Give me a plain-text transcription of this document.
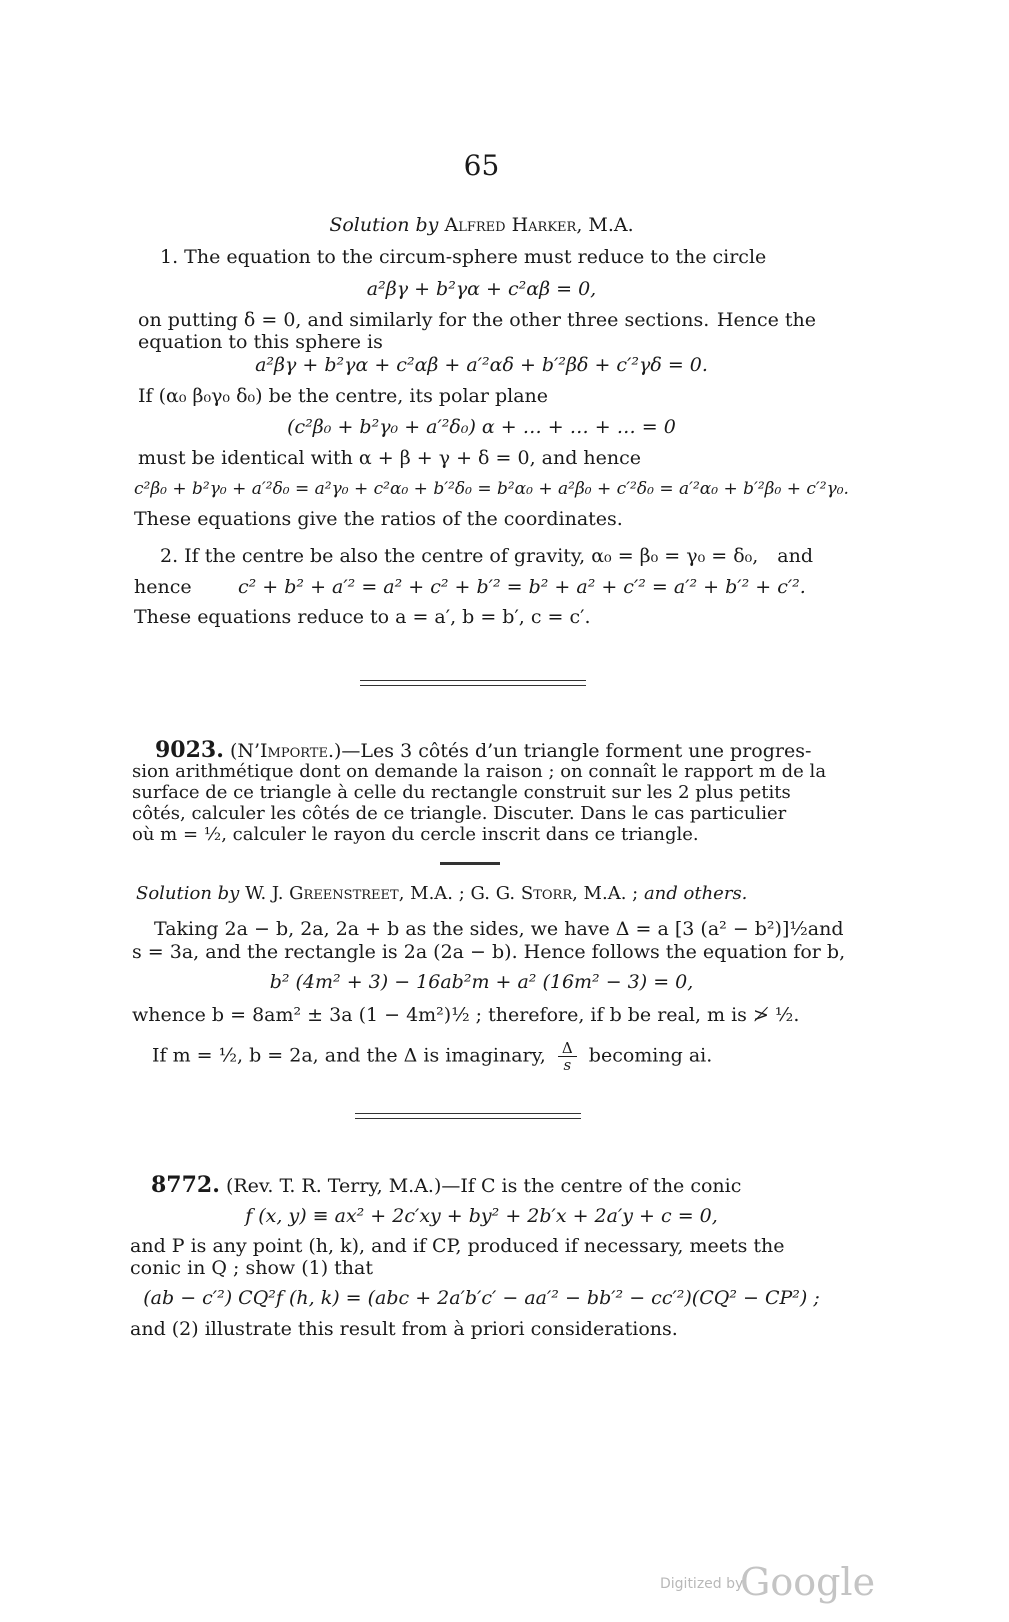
65
Solution by Alfred Harker, M.A.
1. The equation to the circum-sphere must reduce to the circle
a²βγ + b²γα + c²αβ = 0,
on putting δ = 0, and similarly for the other three sections. Hence the
equation to this sphere is
a²βγ + b²γα + c²αβ + a′²αδ + b′²βδ + c′²γδ = 0.
If (α₀ β₀γ₀ δ₀) be the centre, its polar plane
(c²β₀ + b²γ₀ + a′²δ₀) α + … + … + … = 0
must be identical with α + β + γ + δ = 0, and hence
c²β₀ + b²γ₀ + a′²δ₀ = a²γ₀ + c²α₀ + b′²δ₀ = b²α₀ + a²β₀ + c′²δ₀ = a′²α₀ + b′²β₀ + c′²γ₀.
These equations give the ratios of the coordinates.
2. If the centre be also the centre of gravity, α₀ = β₀ = γ₀ = δ₀, and
hence c² + b² + a′² = a² + c² + b′² = b² + a² + c′² = a′² + b′² + c′².
These equations reduce to a = a′, b = b′, c = c′.
9023. (N’Importe.)—Les 3 côtés d’un triangle forment une progres-
sion arithmétique dont on demande la raison ; on connaît le rapport m de la
surface de ce triangle à celle du rectangle construit sur les 2 plus petits
côtés, calculer les côtés de ce triangle. Discuter. Dans le cas particulier
où m = ½, calculer le rayon du cercle inscrit dans ce triangle.
Solution by W. J. Greenstreet, M.A. ; G. G. Storr, M.A. ; and others.
Taking 2a − b, 2a, 2a + b as the sides, we have Δ = a [3 (a² − b²)]½ and
s = 3a, and the rectangle is 2a (2a − b). Hence follows the equation for b,
b² (4m² + 3) − 16ab²m + a² (16m² − 3) = 0,
whence b = 8am² ± 3a (1 − 4m²)½ ; therefore, if b be real, m is ≯ ½.
If m = ½, b = 2a, and the Δ is imaginary, $\frac{\Delta}{s}$ becoming ai.
8772. (Rev. T. R. Terry, M.A.)—If C is the centre of the conic
f (x, y) ≡ ax² + 2c′xy + by² + 2b′x + 2a′y + c = 0,
and P is any point (h, k), and if CP, produced if necessary, meets the
conic in Q ; show (1) that
(ab − c′²) CQ²f (h, k) = (abc + 2a′b′c′ − aa′² − bb′² − cc′²)(CQ² − CP²) ;
and (2) illustrate this result from à priori considerations.
Digitized by
Google
